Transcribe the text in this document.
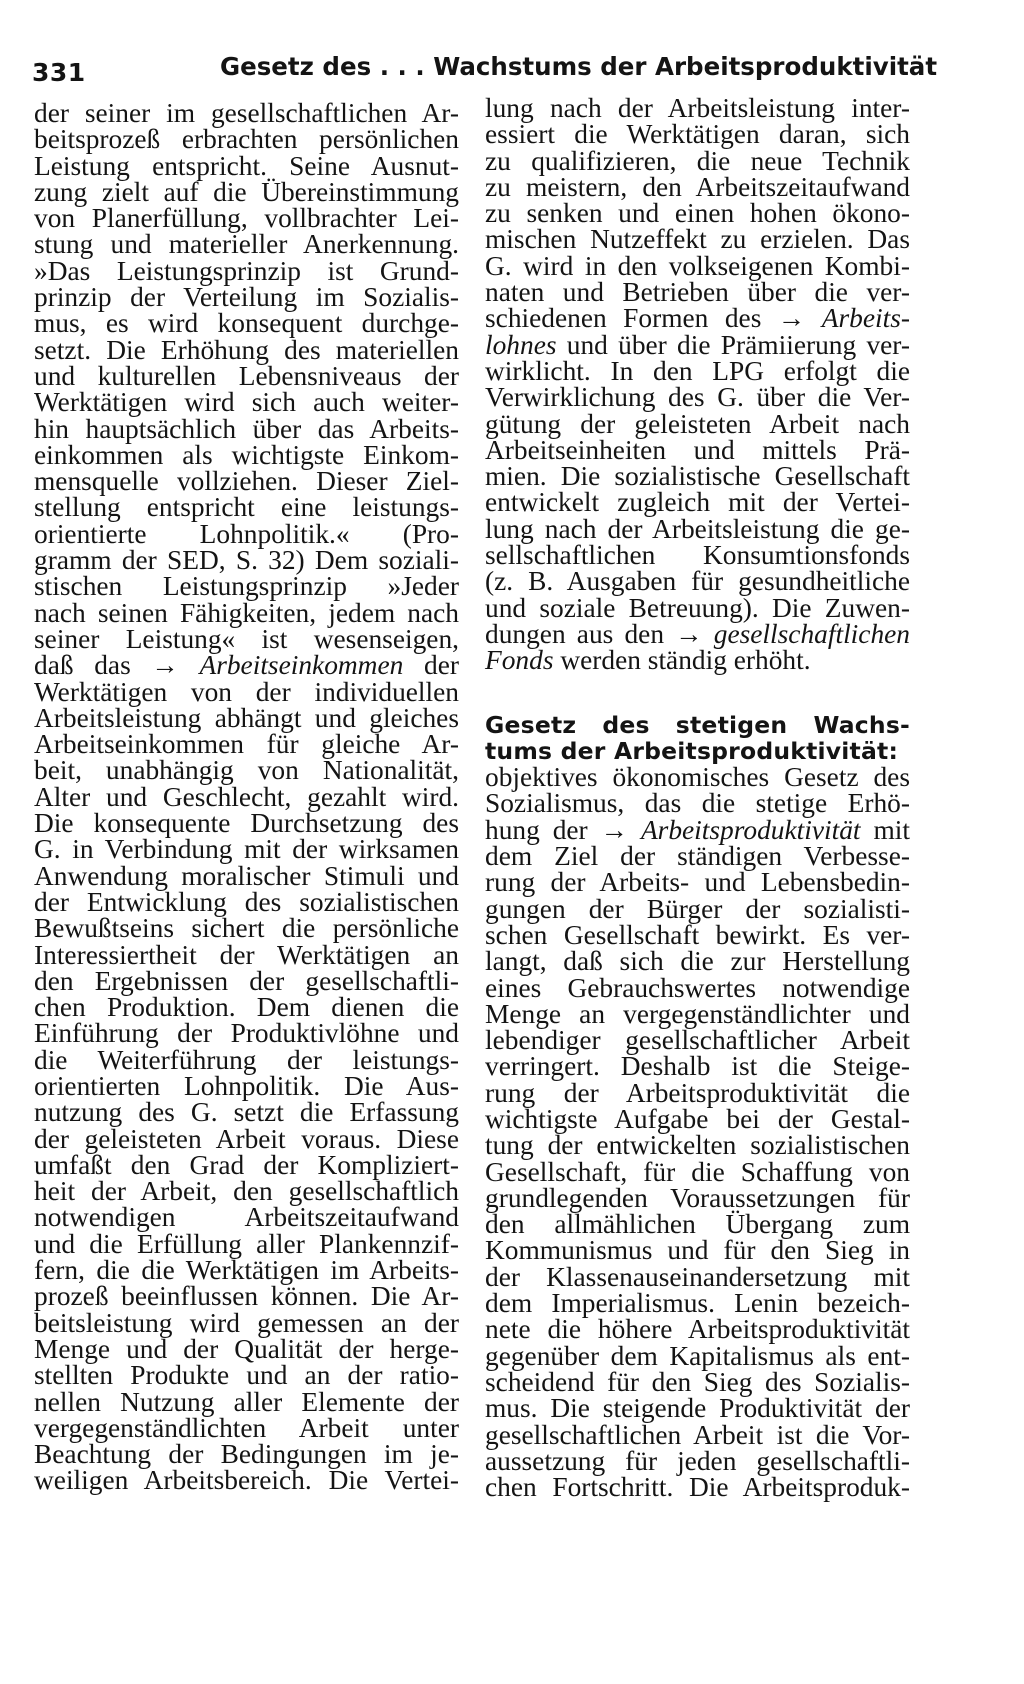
331	Gesetz des . . . Wachstums der Arbeitsproduktivität
der seiner im gesellschaftlichen Ar-
beitsprozeß erbrachten persönlichen
Leistung entspricht. Seine Ausnut-
zung zielt auf die Übereinstimmung
von Planerfüllung, vollbrachter Lei-
stung und materieller Anerkennung.
»Das Leistungsprinzip ist Grund-
prinzip der Verteilung im Sozialis-
mus, es wird konsequent durchge-
setzt. Die Erhöhung des materiellen
und kulturellen Lebensniveaus der
Werktätigen wird sich auch weiter-
hin hauptsächlich über das Arbeits-
einkommen als wichtigste Einkom-
mensquelle vollziehen. Dieser Ziel-
stellung entspricht eine leistungs-
orientierte Lohnpolitik.« (Pro-
gramm der SED, S. 32) Dem soziali-
stischen Leistungsprinzip »Jeder
nach seinen Fähigkeiten, jedem nach
seiner Leistung« ist wesenseigen,
daß das → Arbeitseinkommen der
Werktätigen von der individuellen
Arbeitsleistung abhängt und gleiches
Arbeitseinkommen für gleiche Ar-
beit, unabhängig von Nationalität,
Alter und Geschlecht, gezahlt wird.
Die konsequente Durchsetzung des
G. in Verbindung mit der wirksamen
Anwendung moralischer Stimuli und
der Entwicklung des sozialistischen
Bewußtseins sichert die persönliche
Interessiertheit der Werktätigen an
den Ergebnissen der gesellschaftli-
chen Produktion. Dem dienen die
Einführung der Produktivlöhne und
die Weiterführung der leistungs-
orientierten Lohnpolitik. Die Aus-
nutzung des G. setzt die Erfassung
der geleisteten Arbeit voraus. Diese
umfaßt den Grad der Kompliziert-
heit der Arbeit, den gesellschaftlich
notwendigen Arbeitszeitaufwand
und die Erfüllung aller Plankennzif-
fern, die die Werktätigen im Arbeits-
prozeß beeinflussen können. Die Ar-
beitsleistung wird gemessen an der
Menge und der Qualität der herge-
stellten Produkte und an der ratio-
nellen Nutzung aller Elemente der
vergegenständlichten Arbeit unter
Beachtung der Bedingungen im je-
weiligen Arbeitsbereich. Die Vertei-
lung nach der Arbeitsleistung inter-
essiert die Werktätigen daran, sich
zu qualifizieren, die neue Technik
zu meistern, den Arbeitszeitaufwand
zu senken und einen hohen ökono-
mischen Nutzeffekt zu erzielen. Das
G. wird in den volkseigenen Kombi-
naten und Betrieben über die ver-
schiedenen Formen des → Arbeits-
lohnes und über die Prämiierung ver-
wirklicht. In den LPG erfolgt die
Verwirklichung des G. über die Ver-
gütung der geleisteten Arbeit nach
Arbeitseinheiten und mittels Prä-
mien. Die sozialistische Gesellschaft
entwickelt zugleich mit der Vertei-
lung nach der Arbeitsleistung die ge-
sellschaftlichen Konsumtionsfonds
(z. B. Ausgaben für gesundheitliche
und soziale Betreuung). Die Zuwen-
dungen aus den → gesellschaftlichen
Fonds werden ständig erhöht.
Gesetz des stetigen Wachs-
tums der Arbeitsproduktivität:
objektives ökonomisches Gesetz des
Sozialismus, das die stetige Erhö-
hung der → Arbeitsproduktivität mit
dem Ziel der ständigen Verbesse-
rung der Arbeits- und Lebensbedin-
gungen der Bürger der sozialisti-
schen Gesellschaft bewirkt. Es ver-
langt, daß sich die zur Herstellung
eines Gebrauchswertes notwendige
Menge an vergegenständlichter und
lebendiger gesellschaftlicher Arbeit
verringert. Deshalb ist die Steige-
rung der Arbeitsproduktivität die
wichtigste Aufgabe bei der Gestal-
tung der entwickelten sozialistischen
Gesellschaft, für die Schaffung von
grundlegenden Voraussetzungen für
den allmählichen Übergang zum
Kommunismus und für den Sieg in
der Klassenauseinandersetzung mit
dem Imperialismus. Lenin bezeich-
nete die höhere Arbeitsproduktivität
gegenüber dem Kapitalismus als ent-
scheidend für den Sieg des Sozialis-
mus. Die steigende Produktivität der
gesellschaftlichen Arbeit ist die Vor-
aussetzung für jeden gesellschaftli-
chen Fortschritt. Die Arbeitsproduk-
